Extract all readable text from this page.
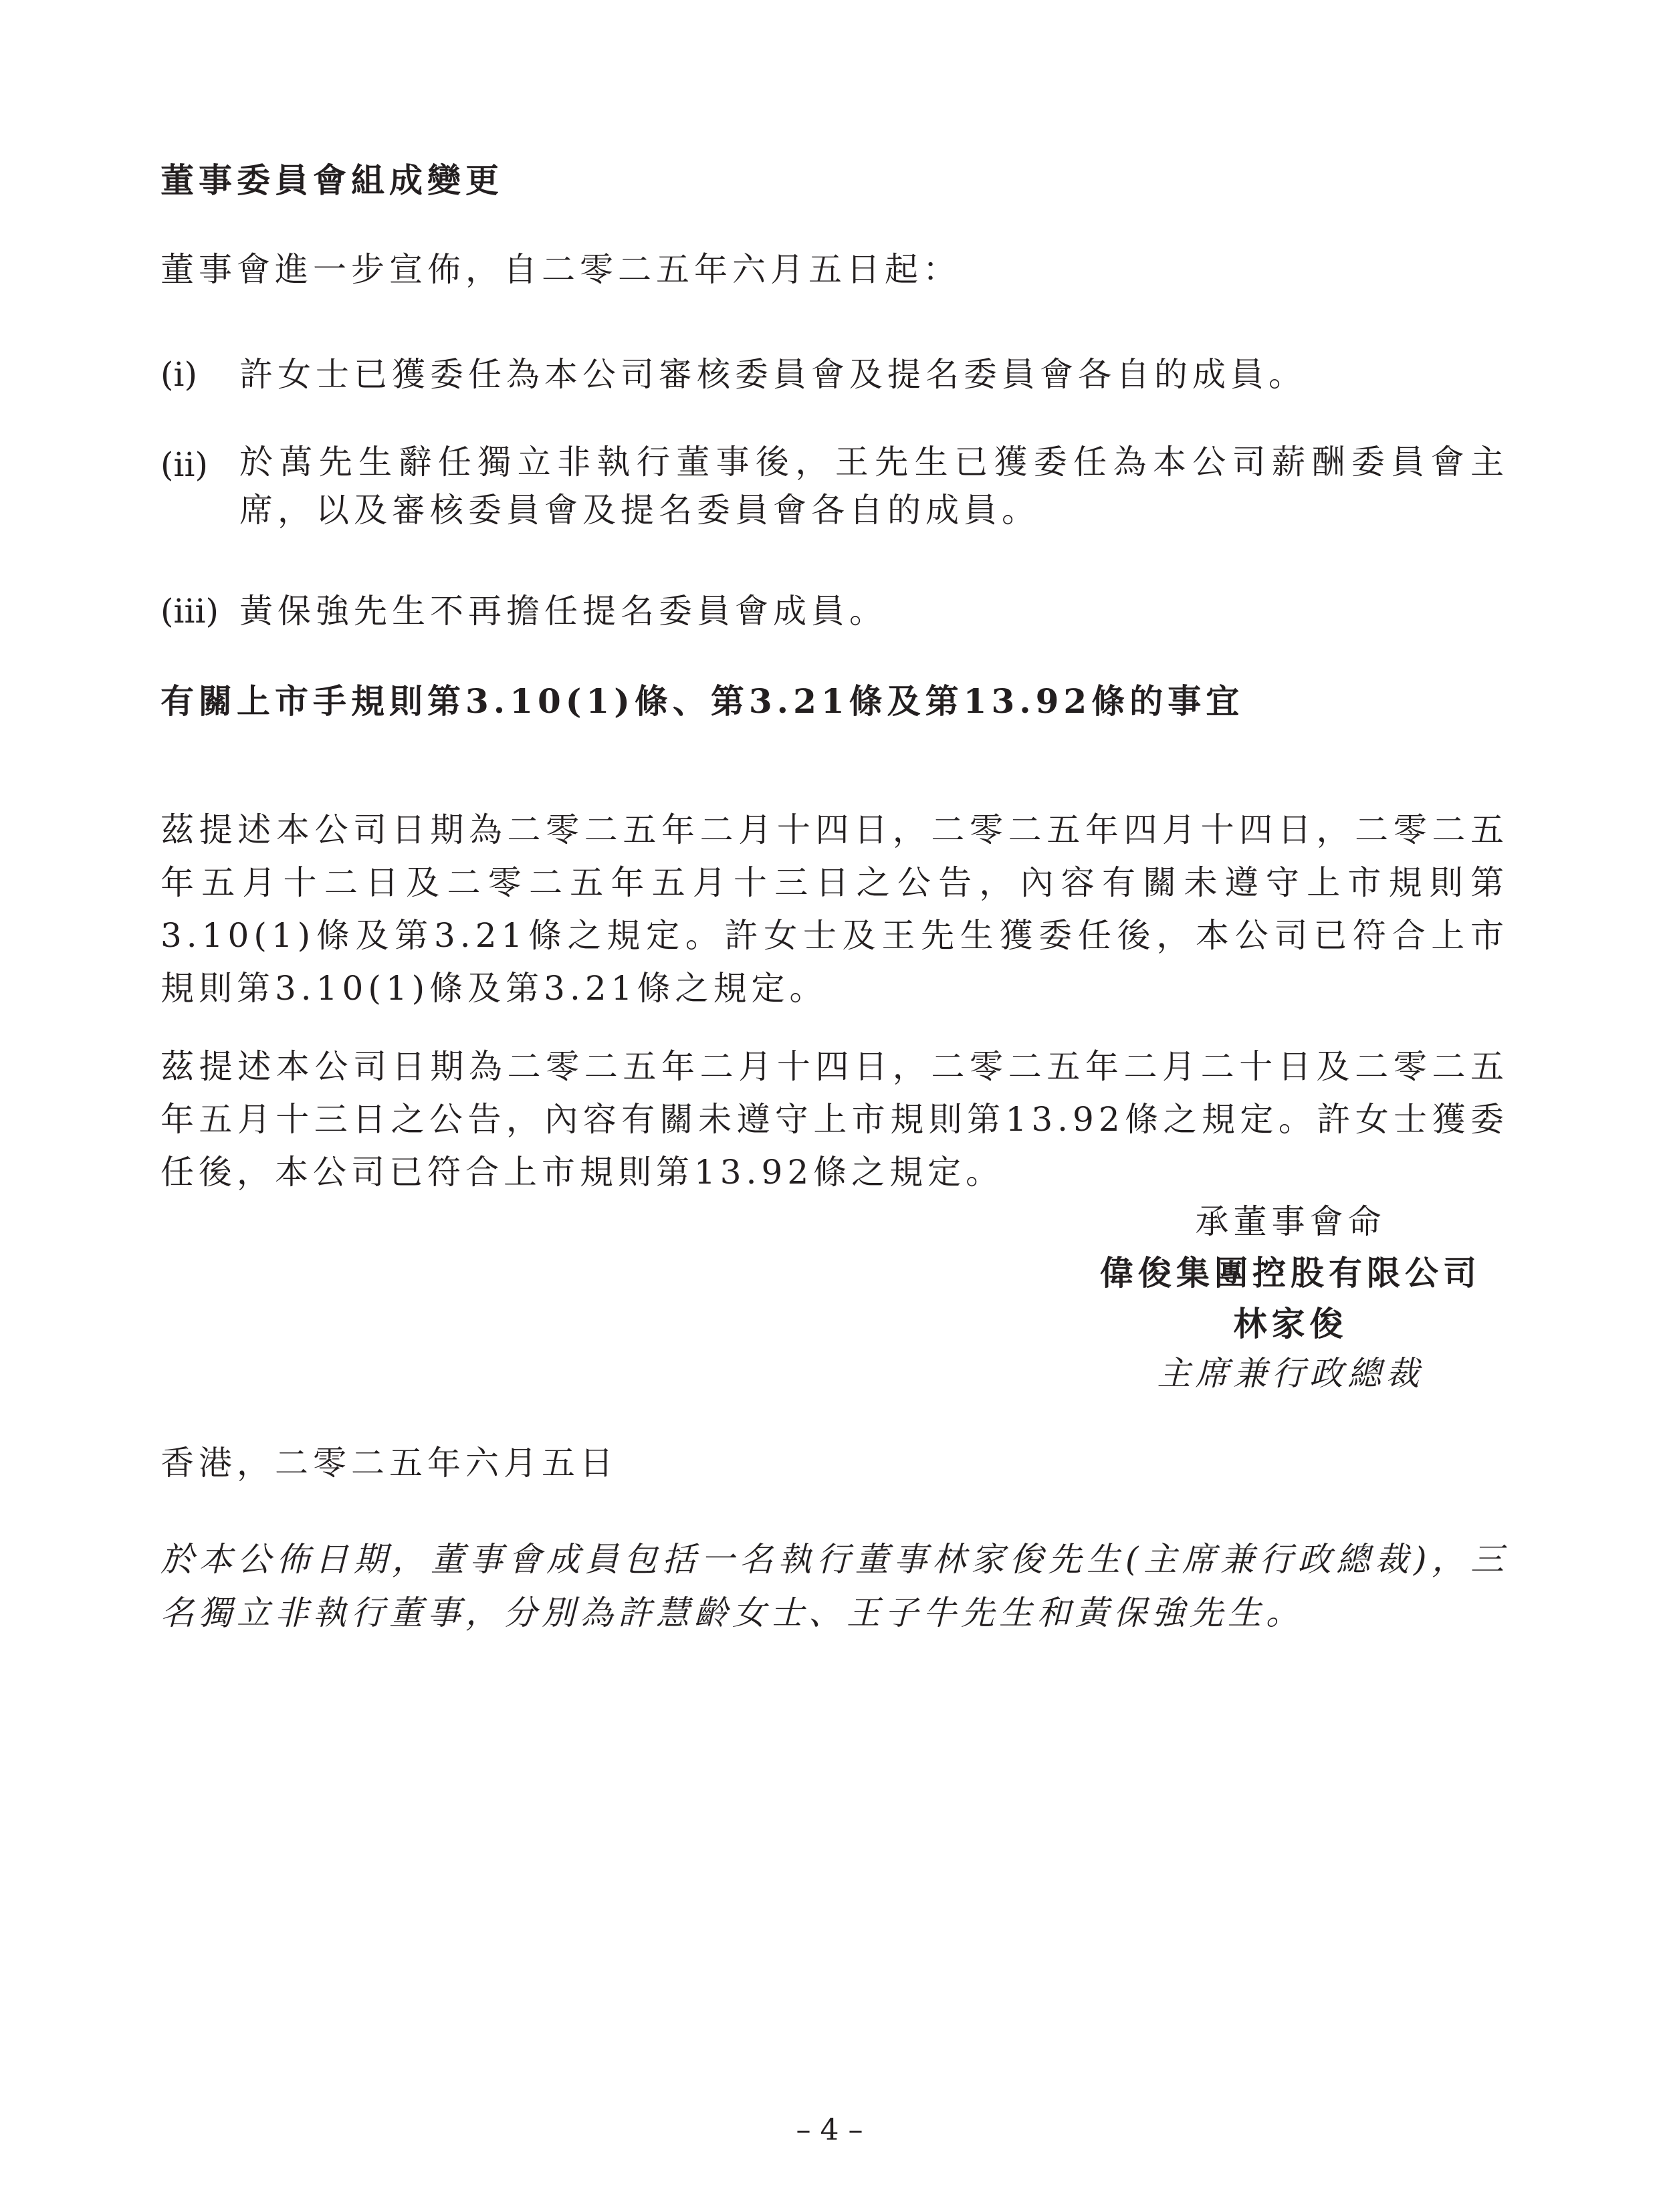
董事委員會組成變更
董事會進一步宣佈，自二零二五年六月五日起：
(i)	許女士已獲委任為本公司審核委員會及提名委員會各自的成員。
(ii) 於萬先生辭任獨立非執行董事後，王先生已獲委任為本公司薪酬委員會主席，以及審核委員會及提名委員會各自的成員。
(iii) 黃保強先生不再擔任提名委員會成員。
有關上市手規則第3.10(1)條、第3.21條及第13.92條的事宜
茲提述本公司日期為二零二五年二月十四日，二零二五年四月十四日，二零二五年五月十二日及二零二五年五月十三日之公告，內容有關未遵守上市規則第3.10(1)條及第3.21條之規定。許女士及王先生獲委任後，本公司已符合上市規則第3.10(1)條及第3.21條之規定。
茲提述本公司日期為二零二五年二月十四日，二零二五年二月二十日及二零二五年五月十三日之公告，內容有關未遵守上市規則第13.92條之規定。許女士獲委任後，本公司已符合上市規則第13.92條之規定。
承董事會命
偉俊集團控股有限公司
林家俊
主席兼行政總裁
香港，二零二五年六月五日
於本公佈日期，董事會成員包括一名執行董事林家俊先生(主席兼行政總裁)，三名獨立非執行董事，分別為許慧齡女士、王子牛先生和黃保強先生。
– 4 –
